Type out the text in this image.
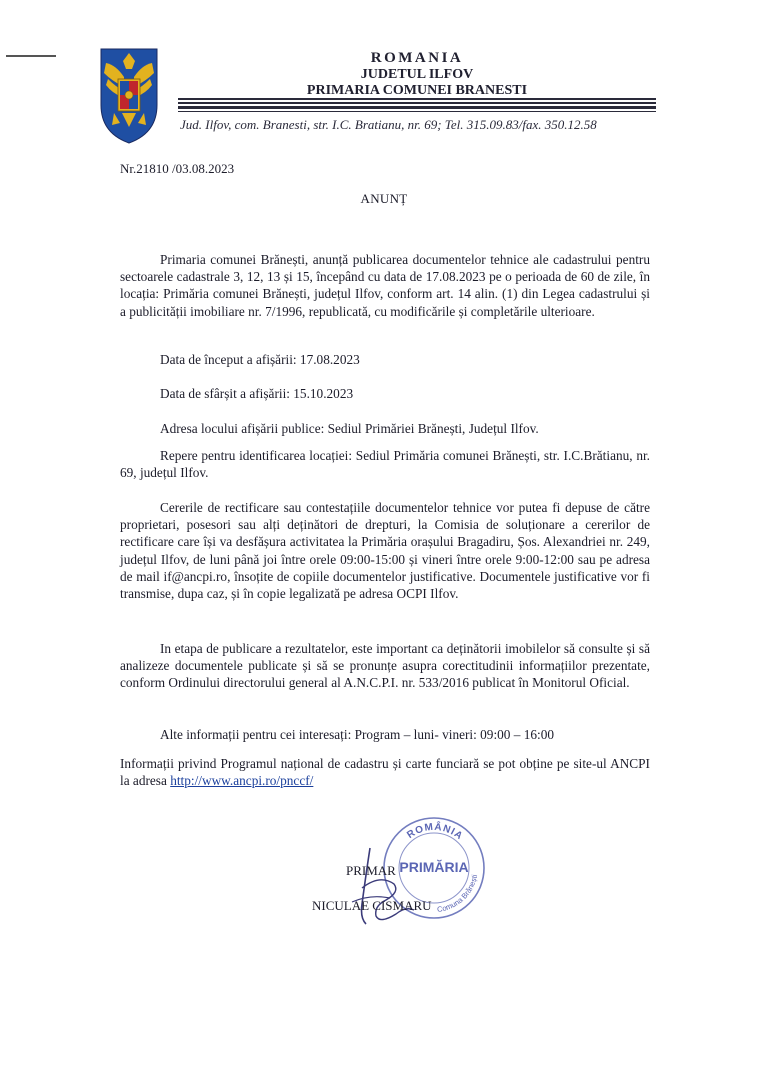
ROMANIA
JUDETUL ILFOV
PRIMARIA COMUNEI BRANESTI
Jud. Ilfov, com. Branesti, str. I.C. Bratianu, nr. 69; Tel. 315.09.83/fax. 350.12.58
Nr.21810 /03.08.2023
ANUNȚ
Primaria comunei Brănești, anunță publicarea documentelor tehnice ale cadastrului pentru sectoarele cadastrale 3, 12, 13 și 15, începând cu data de 17.08.2023 pe o perioada de 60 de zile, în locația: Primăria comunei Brănești, județul Ilfov, conform art. 14 alin. (1) din Legea cadastrului și a publicității imobiliare nr. 7/1996, republicată, cu modificările și completările ulterioare.
Data de început a afișării: 17.08.2023
Data de sfârșit a afișării: 15.10.2023
Adresa locului afișării publice: Sediul Primăriei Brănești, Județul Ilfov.
Repere pentru identificarea locației: Sediul Primăria comunei Brănești, str. I.C.Brătianu, nr. 69, județul Ilfov.
Cererile de rectificare sau contestațiile documentelor tehnice vor putea fi depuse de către proprietari, posesori sau alți deținători de drepturi, la Comisia de soluționare a cererilor de rectificare care își va desfășura activitatea la Primăria orașului Bragadiru, Șos. Alexandriei nr. 249, județul Ilfov, de luni până joi între orele 09:00-15:00 și vineri între orele 9:00-12:00 sau pe adresa de mail if@ancpi.ro, însoțite de copiile documentelor justificative. Documentele justificative vor fi transmise, dupa caz, și în copie legalizată pe adresa OCPI Ilfov.
In etapa de publicare a rezultatelor, este important ca deținătorii imobilelor să consulte și să analizeze documentele publicate și să se pronunțe asupra corectitudinii informațiilor prezentate, conform Ordinului directorului general al A.N.C.P.I. nr. 533/2016 publicat în Monitorul Oficial.
Alte informații pentru cei interesați: Program – luni- vineri: 09:00 – 16:00
Informații privind Programul național de cadastru și carte funciară se pot obține pe site-ul ANCPI la adresa http://www.ancpi.ro/pnccf/
ROMÂNIA
PRIMĂRIA
Comuna Brănești
PRIMAR
NICULAE CISMARU
